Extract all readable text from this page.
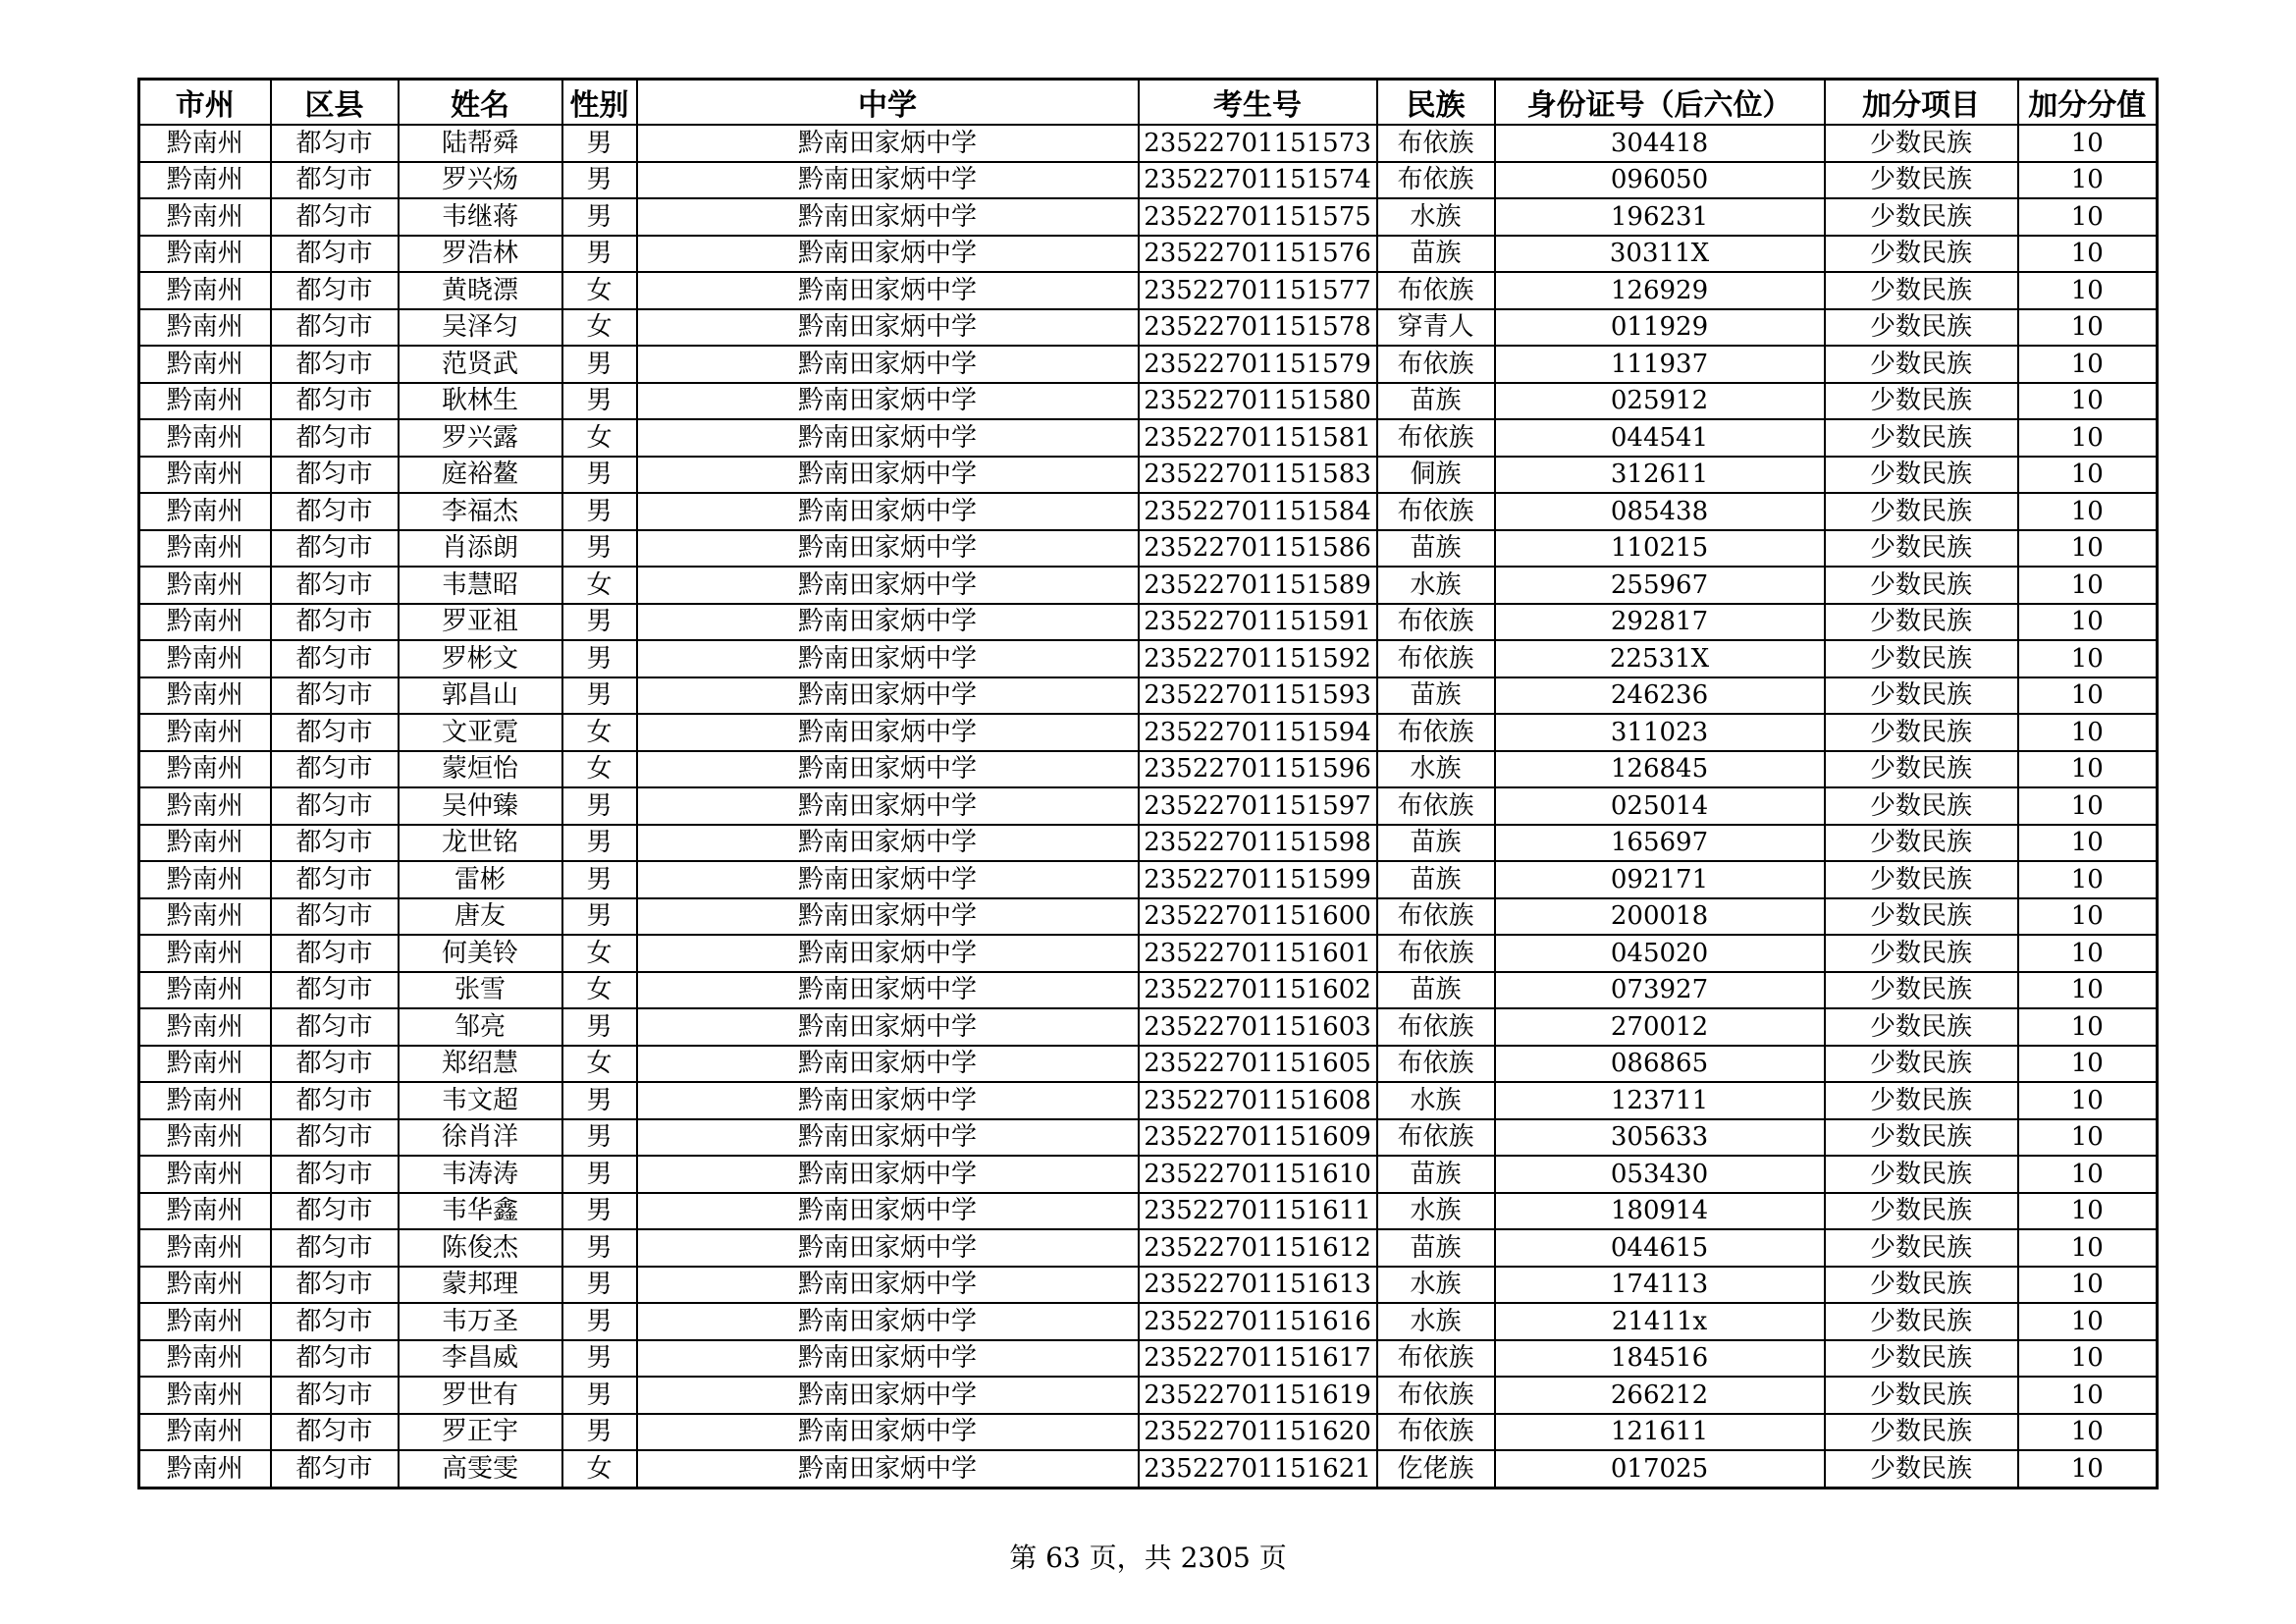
市州	区县	姓名	性别	中学	考生号	民族	身份证号（后六位）	加分项目	加分分值
黔南州	都匀市	陆帮舜	男	黔南田家炳中学	23522701151573	布依族	304418	少数民族	10
黔南州	都匀市	罗兴炀	男	黔南田家炳中学	23522701151574	布依族	096050	少数民族	10
黔南州	都匀市	韦继蒋	男	黔南田家炳中学	23522701151575	水族	196231	少数民族	10
黔南州	都匀市	罗浩林	男	黔南田家炳中学	23522701151576	苗族	30311X	少数民族	10
黔南州	都匀市	黄晓漂	女	黔南田家炳中学	23522701151577	布依族	126929	少数民族	10
黔南州	都匀市	吴泽匀	女	黔南田家炳中学	23522701151578	穿青人	011929	少数民族	10
黔南州	都匀市	范贤武	男	黔南田家炳中学	23522701151579	布依族	111937	少数民族	10
黔南州	都匀市	耿林生	男	黔南田家炳中学	23522701151580	苗族	025912	少数民族	10
黔南州	都匀市	罗兴露	女	黔南田家炳中学	23522701151581	布依族	044541	少数民族	10
黔南州	都匀市	庭裕鳌	男	黔南田家炳中学	23522701151583	侗族	312611	少数民族	10
黔南州	都匀市	李福杰	男	黔南田家炳中学	23522701151584	布依族	085438	少数民族	10
黔南州	都匀市	肖添朗	男	黔南田家炳中学	23522701151586	苗族	110215	少数民族	10
黔南州	都匀市	韦慧昭	女	黔南田家炳中学	23522701151589	水族	255967	少数民族	10
黔南州	都匀市	罗亚祖	男	黔南田家炳中学	23522701151591	布依族	292817	少数民族	10
黔南州	都匀市	罗彬文	男	黔南田家炳中学	23522701151592	布依族	22531X	少数民族	10
黔南州	都匀市	郭昌山	男	黔南田家炳中学	23522701151593	苗族	246236	少数民族	10
黔南州	都匀市	文亚霓	女	黔南田家炳中学	23522701151594	布依族	311023	少数民族	10
黔南州	都匀市	蒙烜怡	女	黔南田家炳中学	23522701151596	水族	126845	少数民族	10
黔南州	都匀市	吴仲臻	男	黔南田家炳中学	23522701151597	布依族	025014	少数民族	10
黔南州	都匀市	龙世铭	男	黔南田家炳中学	23522701151598	苗族	165697	少数民族	10
黔南州	都匀市	雷彬	男	黔南田家炳中学	23522701151599	苗族	092171	少数民族	10
黔南州	都匀市	唐友	男	黔南田家炳中学	23522701151600	布依族	200018	少数民族	10
黔南州	都匀市	何美铃	女	黔南田家炳中学	23522701151601	布依族	045020	少数民族	10
黔南州	都匀市	张雪	女	黔南田家炳中学	23522701151602	苗族	073927	少数民族	10
黔南州	都匀市	邹亮	男	黔南田家炳中学	23522701151603	布依族	270012	少数民族	10
黔南州	都匀市	郑绍慧	女	黔南田家炳中学	23522701151605	布依族	086865	少数民族	10
黔南州	都匀市	韦文超	男	黔南田家炳中学	23522701151608	水族	123711	少数民族	10
黔南州	都匀市	徐肖洋	男	黔南田家炳中学	23522701151609	布依族	305633	少数民族	10
黔南州	都匀市	韦涛涛	男	黔南田家炳中学	23522701151610	苗族	053430	少数民族	10
黔南州	都匀市	韦华鑫	男	黔南田家炳中学	23522701151611	水族	180914	少数民族	10
黔南州	都匀市	陈俊杰	男	黔南田家炳中学	23522701151612	苗族	044615	少数民族	10
黔南州	都匀市	蒙邦理	男	黔南田家炳中学	23522701151613	水族	174113	少数民族	10
黔南州	都匀市	韦万圣	男	黔南田家炳中学	23522701151616	水族	21411x	少数民族	10
黔南州	都匀市	李昌威	男	黔南田家炳中学	23522701151617	布依族	184516	少数民族	10
黔南州	都匀市	罗世有	男	黔南田家炳中学	23522701151619	布依族	266212	少数民族	10
黔南州	都匀市	罗正宇	男	黔南田家炳中学	23522701151620	布依族	121611	少数民族	10
黔南州	都匀市	高雯雯	女	黔南田家炳中学	23522701151621	仡佬族	017025	少数民族	10
第 63 页，共 2305 页
